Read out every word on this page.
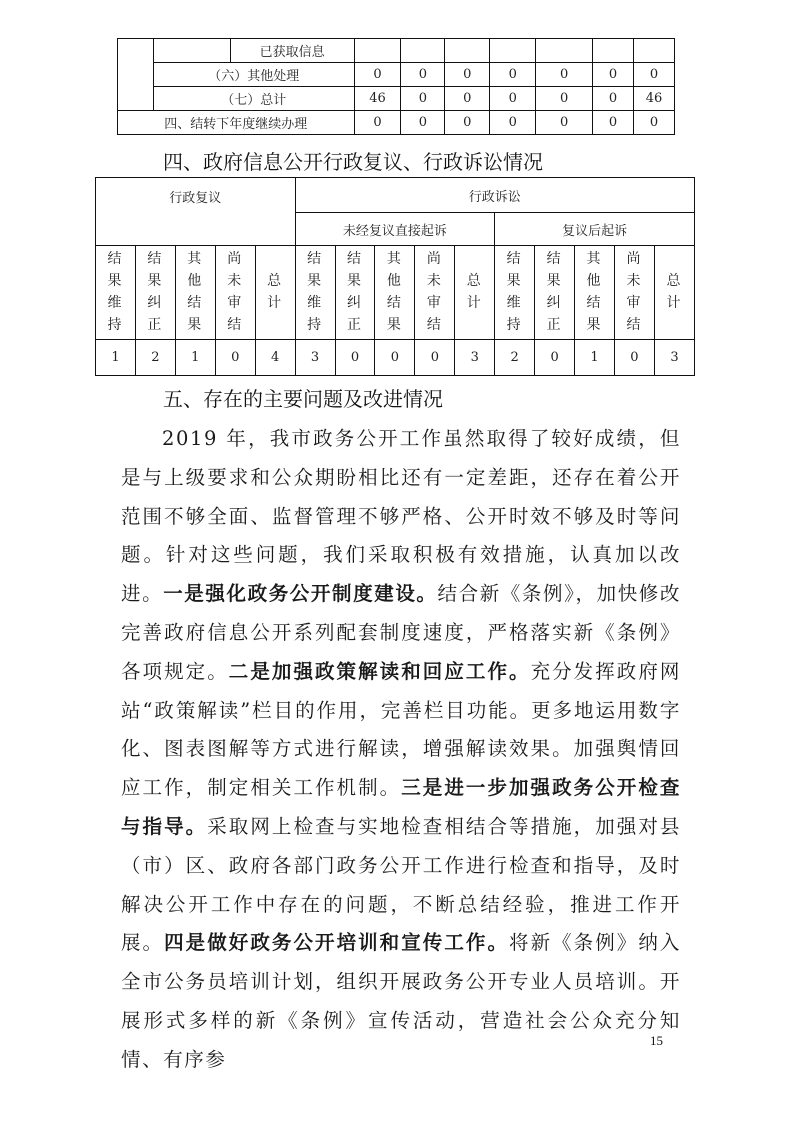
		已获取信息							
	（六）其他处理		0	0	0	0	0	0	0
	（七）总计		46	0	0	0	0	0	46
四、结转下年度继续办理			0	0	0	0	0	0	0
四、政府信息公开行政复议、行政诉讼情况
行政复议					行政诉讼									
					未经复议直接起诉					复议后起诉				
结果维持	结果纠正	其他结果	尚未审结	总计	结果维持	结果纠正	其他结果	尚未审结	总计	结果维持	结果纠正	其他结果	尚未审结	总计
1	2	1	0	4	3	0	0	0	3	2	0	1	0	3
五、存在的主要问题及改进情况

2019 年，我市政务公开工作虽然取得了较好成绩，但是与上级要求和公众期盼相比还有一定差距，还存在着公开范围不够全面、监督管理不够严格、公开时效不够及时等问题。针对这些问题，我们采取积极有效措施，认真加以改进。一是强化政务公开制度建设。结合新《条例》，加快修改完善政府信息公开系列配套制度速度，严格落实新《条例》各项规定。二是加强政策解读和回应工作。充分发挥政府网站“政策解读”栏目的作用，完善栏目功能。更多地运用数字化、图表图解等方式进行解读，增强解读效果。加强舆情回应工作，制定相关工作机制。三是进一步加强政务公开检查与指导。采取网上检查与实地检查相结合等措施，加强对县（市）区、政府各部门政务公开工作进行检查和指导，及时解决公开工作中存在的问题，不断总结经验，推进工作开展。四是做好政务公开培训和宣传工作。将新《条例》纳入全市公务员培训计划，组织开展政务公开专业人员培训。开展形式多样的新《条例》宣传活动，营造社会公众充分知情、有序参

15
